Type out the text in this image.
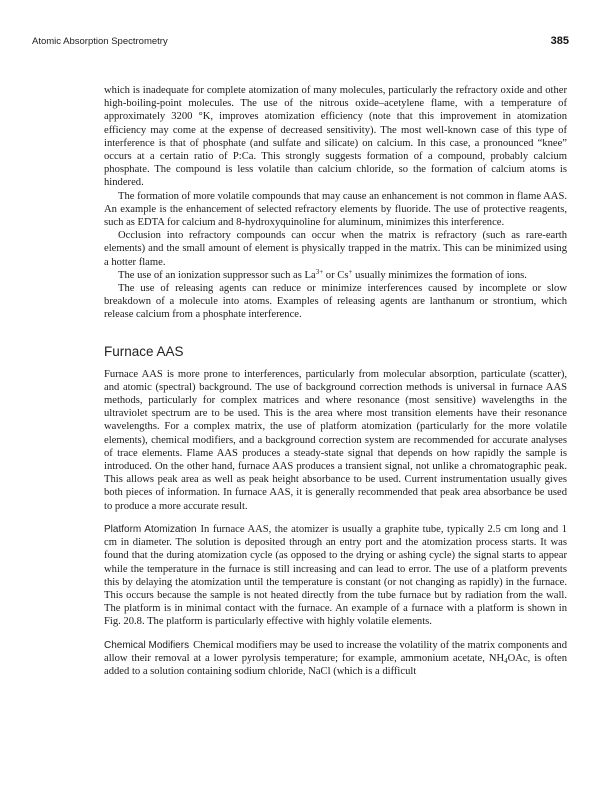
Atomic Absorption Spectrometry	385

which is inadequate for complete atomization of many molecules, particularly the refractory oxide and other high-boiling-point molecules. The use of the nitrous oxide–acetylene flame, with a temperature of approximately 3200 °K, improves atomization efficiency (note that this improvement in atomization efficiency may come at the expense of decreased sensitivity). The most well-known case of this type of interference is that of phosphate (and sulfate and silicate) on calcium. In this case, a pronounced “knee” occurs at a certain ratio of P:Ca. This strongly suggests formation of a compound, probably calcium phosphate. The compound is less volatile than calcium chloride, so the formation of calcium atoms is hindered.

The formation of more volatile compounds that may cause an enhancement is not common in flame AAS. An example is the enhancement of selected refractory elements by fluoride. The use of protective reagents, such as EDTA for calcium and 8-hydroxyquinoline for aluminum, minimizes this interference.

Occlusion into refractory compounds can occur when the matrix is refractory (such as rare-earth elements) and the small amount of element is physically trapped in the matrix. This can be minimized using a hotter flame.

The use of an ionization suppressor such as $La^{3+}$ or Cs+ usually minimizes the formation of ions.

The use of releasing agents can reduce or minimize interferences caused by incomplete or slow breakdown of a molecule into atoms. Examples of releasing agents are lanthanum or strontium, which release calcium from a phosphate interference.

Furnace AAS

Furnace AAS is more prone to interferences, particularly from molecular absorption, particulate (scatter), and atomic (spectral) background. The use of background correction methods is universal in furnace AAS methods, particularly for complex matrices and where resonance (most sensitive) wavelengths in the ultraviolet spectrum are to be used. This is the area where most transition elements have their resonance wavelengths. For a complex matrix, the use of platform atomization (particularly for the more volatile elements), chemical modifiers, and a background correction system are recommended for accurate analyses of trace elements. Flame AAS produces a steady-state signal that depends on how rapidly the sample is introduced. On the other hand, furnace AAS produces a transient signal, not unlike a chromatographic peak. This allows peak area as well as peak height absorbance to be used. Current instrumentation usually gives both pieces of information. In furnace AAS, it is generally recommended that peak area absorbance be used to produce a more accurate result.

Platform Atomization In furnace AAS, the atomizer is usually a graphite tube, typically 2.5 cm long and 1 cm in diameter. The solution is deposited through an entry port and the atomization process starts. It was found that the during atomization cycle (as opposed to the drying or ashing cycle) the signal starts to appear while the temperature in the furnace is still increasing and can lead to error. The use of a platform prevents this by delaying the atomization until the temperature is constant (or not changing as rapidly) in the furnace. This occurs because the sample is not heated directly from the tube furnace but by radiation from the wall. The platform is in minimal contact with the furnace. An example of a furnace with a platform is shown in Fig. 20.8. The platform is particularly effective with highly volatile elements.

Chemical Modifiers Chemical modifiers may be used to increase the volatility of the matrix components and allow their removal at a lower pyrolysis temperature; for example, ammonium acetate, $NH_4OAc$, is often added to a solution containing sodium chloride, NaCl (which is a difficult
